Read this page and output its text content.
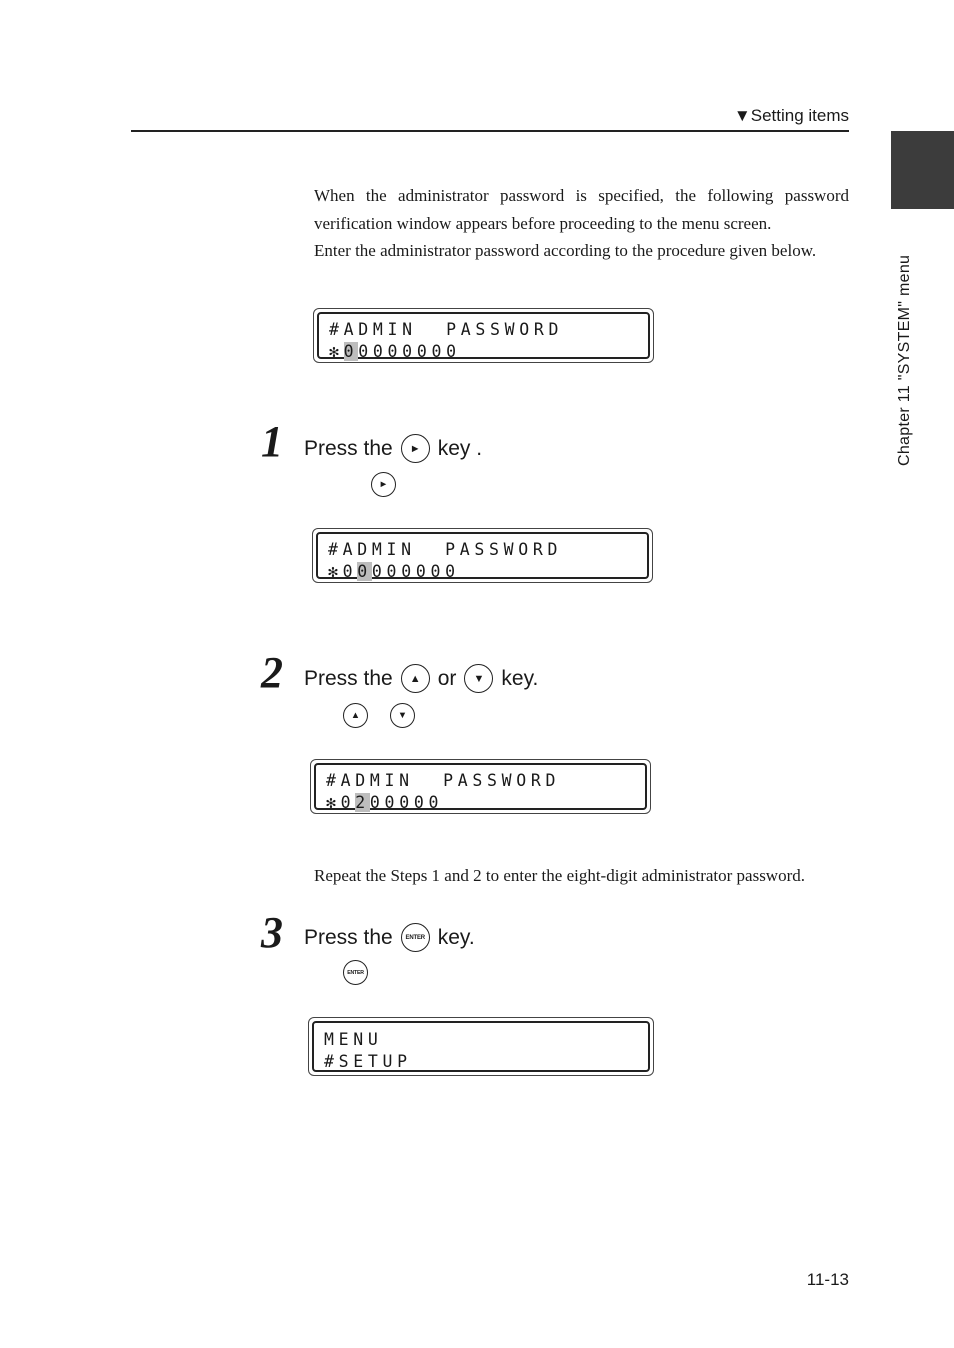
▼Setting items
Chapter 11 "SYSTEM" menu

When the administrator password is specified, the following password verification window appears before proceeding to the menu screen.

Enter the administrator password according to the procedure given below.

#ADMIN  PASSWORD
✻00000000
1 Press the ► key .
►
#ADMIN  PASSWORD
✻00000000
2 Press the ▲ or ▼ key.
▲	▼
#ADMIN  PASSWORD
✻0200000
Repeat the Steps 1 and 2 to enter the eight-digit administrator password.
3 Press the ENTER key.
ENTER
MENU
#SETUP
11-13
